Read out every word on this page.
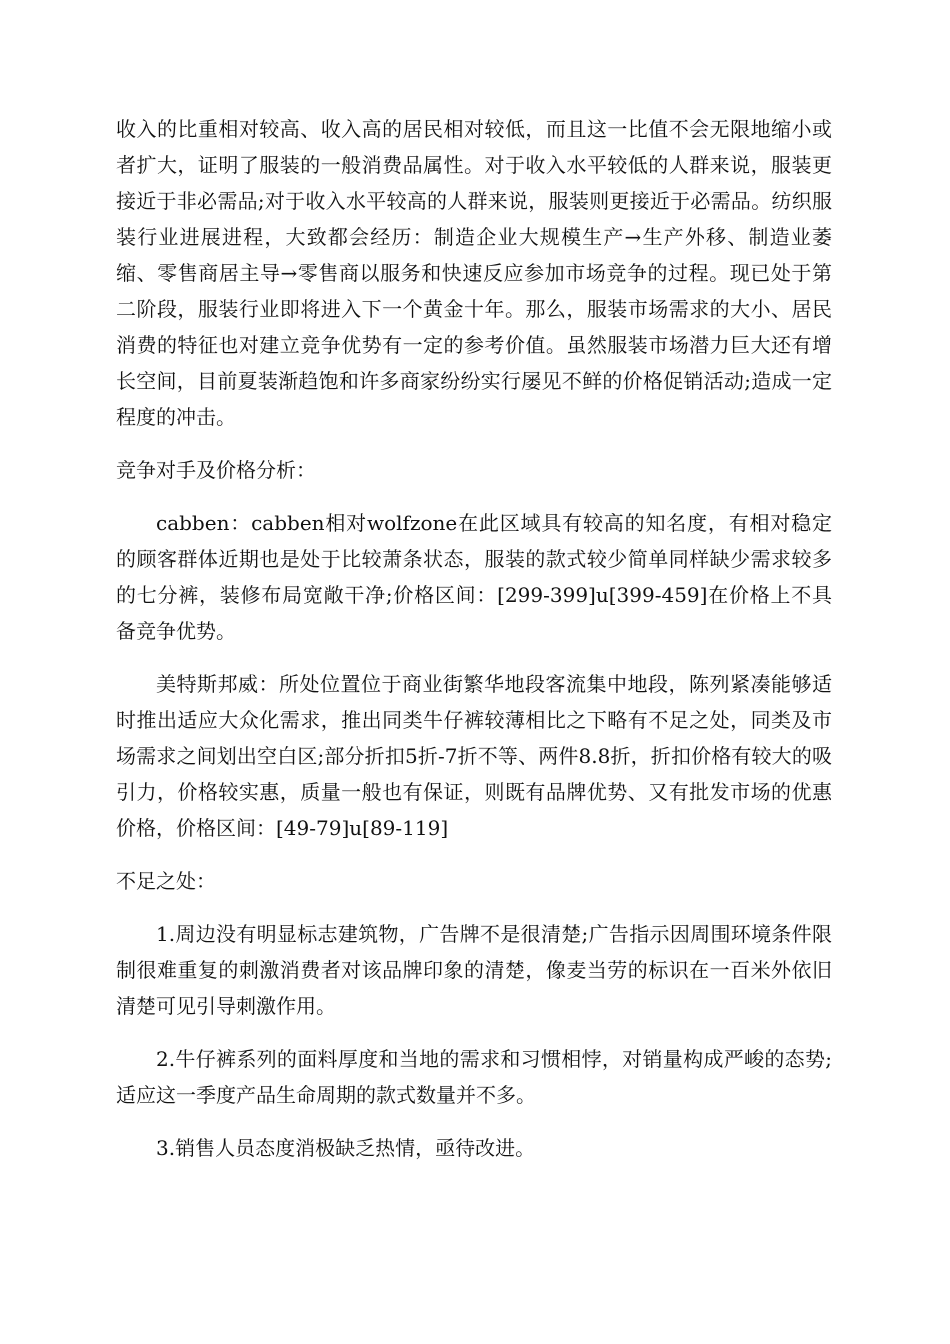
收入的比重相对较高、收入高的居民相对较低，而且这一比值不会无限地缩小或者扩大，证明了服装的一般消费品属性。对于收入水平较低的人群来说，服装更接近于非必需品;对于收入水平较高的人群来说，服装则更接近于必需品。纺织服装行业进展进程，大致都会经历：制造企业大规模生产→生产外移、制造业萎缩、零售商居主导→零售商以服务和快速反应参加市场竞争的过程。现已处于第二阶段，服装行业即将进入下一个黄金十年。那么，服装市场需求的大小、居民消费的特征也对建立竞争优势有一定的参考价值。虽然服装市场潜力巨大还有增长空间，目前夏装渐趋饱和许多商家纷纷实行屡见不鲜的价格促销活动;造成一定程度的冲击。

竞争对手及价格分析：

cabben：cabben相对wolfzone在此区域具有较高的知名度，有相对稳定的顾客群体近期也是处于比较萧条状态，服装的款式较少简单同样缺少需求较多的七分裤，装修布局宽敞干净;价格区间：[299-399]u[399-459]在价格上不具备竞争优势。

美特斯邦威：所处位置位于商业街繁华地段客流集中地段，陈列紧凑能够适时推出适应大众化需求，推出同类牛仔裤较薄相比之下略有不足之处，同类及市场需求之间划出空白区;部分折扣5折-7折不等、两件8.8折，折扣价格有较大的吸引力，价格较实惠，质量一般也有保证，则既有品牌优势、又有批发市场的优惠价格，价格区间：[49-79]u[89-119]

不足之处：

1.周边没有明显标志建筑物，广告牌不是很清楚;广告指示因周围环境条件限制很难重复的刺激消费者对该品牌印象的清楚，像麦当劳的标识在一百米外依旧清楚可见引导刺激作用。

2.牛仔裤系列的面料厚度和当地的需求和习惯相悖，对销量构成严峻的态势;适应这一季度产品生命周期的款式数量并不多。

3.销售人员态度消极缺乏热情，亟待改进。
